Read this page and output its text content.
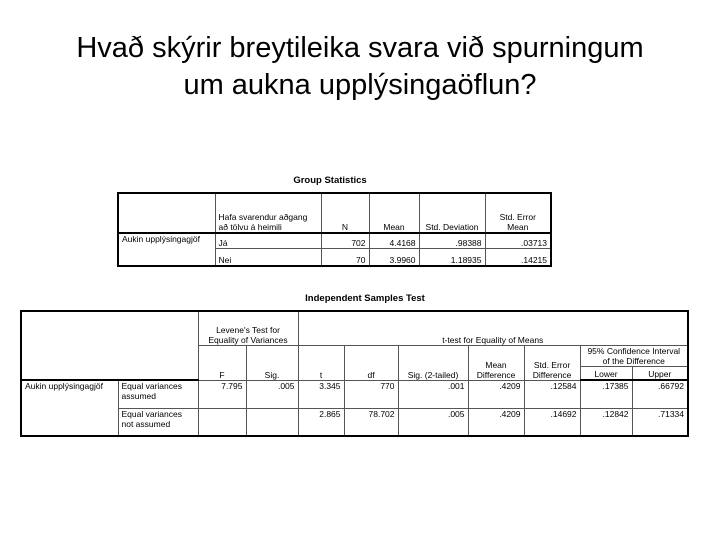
Hvað skýrir breytileika svara við spurningum
um aukna upplýsingaöflun?
Group Statistics
	Hafa svarendur aðgang að tölvu á heimili	N	Mean	Std. Deviation	Std. Error Mean
Aukin upplýsingagjöf	Já	702	4.4168	.98388	.03713
	Nei	70	3.9960	1.18935	.14215
Independent Samples Test
		Levene's Test for Equality of Variances		t-test for Equality of Means						
		F	Sig.	t	df	Sig. (2-tailed)	Mean Difference	Std. Error Difference	95% Confidence Interval of the Difference	
									Lower	Upper
Aukin upplýsingagjöf	Equal variances assumed	7.795	.005	3.345	770	.001	.4209	.12584	.17385	.66792
	Equal variances not assumed			2.865	78.702	.005	.4209	.14692	.12842	.71334
